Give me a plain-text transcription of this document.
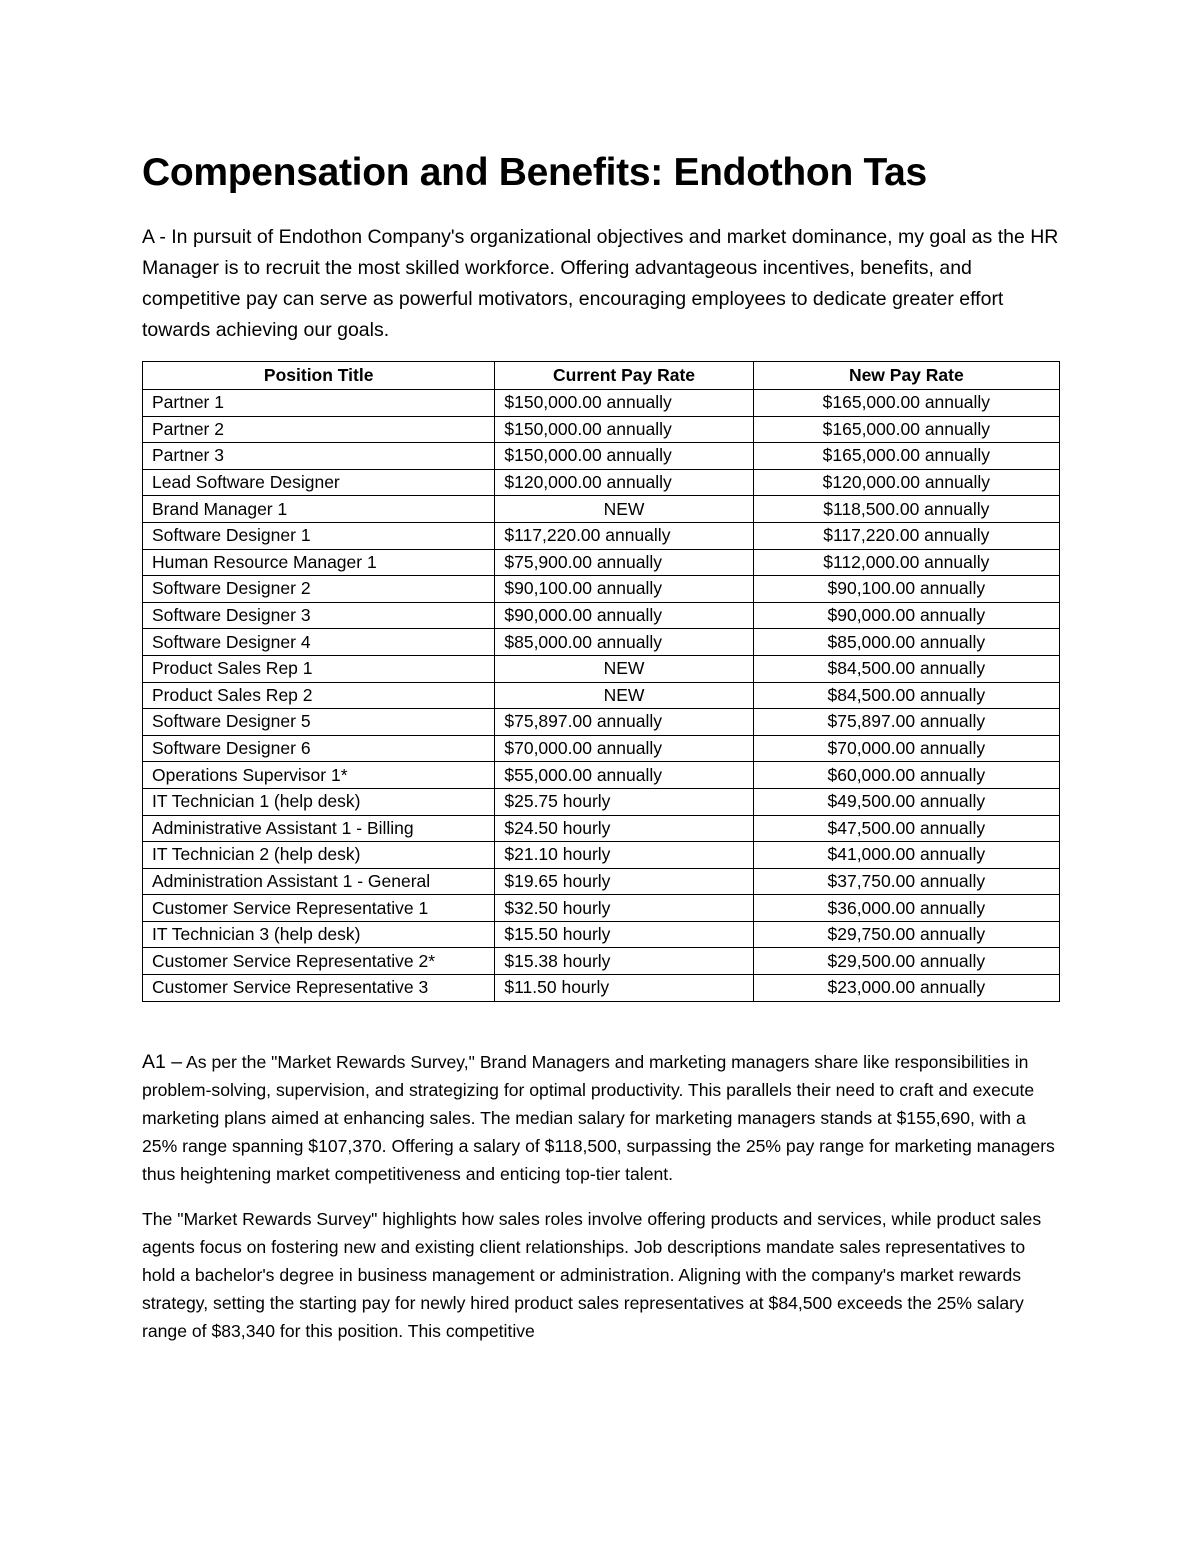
Compensation and Benefits: Endothon Tas

A - In pursuit of Endothon Company's organizational objectives and market dominance, my goal as the HR Manager is to recruit the most skilled workforce. Offering advantageous incentives, benefits, and competitive pay can serve as powerful motivators, encouraging employees to dedicate greater effort towards achieving our goals.

Position Title	Current Pay Rate	New Pay Rate
Partner 1	$150,000.00 annually	$165,000.00 annually
Partner 2	$150,000.00 annually	$165,000.00 annually
Partner 3	$150,000.00 annually	$165,000.00 annually
Lead Software Designer	$120,000.00 annually	$120,000.00 annually
Brand Manager 1	NEW	$118,500.00 annually
Software Designer 1	$117,220.00 annually	$117,220.00 annually
Human Resource Manager 1	$75,900.00 annually	$112,000.00 annually
Software Designer 2	$90,100.00 annually	$90,100.00 annually
Software Designer 3	$90,000.00 annually	$90,000.00 annually
Software Designer 4	$85,000.00 annually	$85,000.00 annually
Product Sales Rep 1	NEW	$84,500.00 annually
Product Sales Rep 2	NEW	$84,500.00 annually
Software Designer 5	$75,897.00 annually	$75,897.00 annually
Software Designer 6	$70,000.00 annually	$70,000.00 annually
Operations Supervisor 1*	$55,000.00 annually	$60,000.00 annually
IT Technician 1 (help desk)	$25.75 hourly	$49,500.00 annually
Administrative Assistant 1 - Billing	$24.50 hourly	$47,500.00 annually
IT Technician 2 (help desk)	$21.10 hourly	$41,000.00 annually
Administration Assistant 1 - General	$19.65 hourly	$37,750.00 annually
Customer Service Representative 1	$32.50 hourly	$36,000.00 annually
IT Technician 3 (help desk)	$15.50 hourly	$29,750.00 annually
Customer Service Representative 2*	$15.38 hourly	$29,500.00 annually
Customer Service Representative 3	$11.50 hourly	$23,000.00 annually

A1 – As per the "Market Rewards Survey," Brand Managers and marketing managers share like responsibilities in problem-solving, supervision, and strategizing for optimal productivity. This parallels their need to craft and execute marketing plans aimed at enhancing sales. The median salary for marketing managers stands at $155,690, with a 25% range spanning $107,370. Offering a salary of $118,500, surpassing the 25% pay range for marketing managers thus heightening market competitiveness and enticing top-tier talent.

The "Market Rewards Survey" highlights how sales roles involve offering products and services, while product sales agents focus on fostering new and existing client relationships. Job descriptions mandate sales representatives to hold a bachelor's degree in business management or administration. Aligning with the company's market rewards strategy, setting the starting pay for newly hired product sales representatives at $84,500 exceeds the 25% salary range of $83,340 for this position. This competitive
